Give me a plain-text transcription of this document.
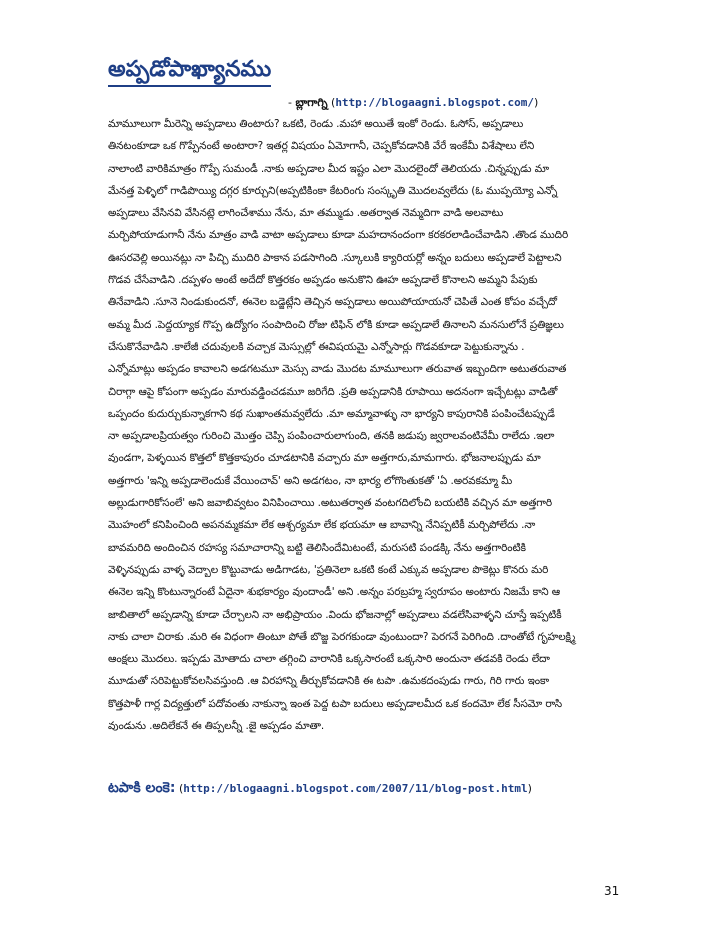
అప్పడోపాఖ్యానము
- బ్లాగాగ్ని (http://blogaagni.blogspot.com/)
మామూలుగా మీరెన్ని అప్పడాలు తింటారు? ఒకటి, రెండు .మహా అయితే ఇంకో రెండు. ఓసోస్, అప్పడాలు
తినటంకూడా ఒక గొప్పేనంటే అంటారా? ఇతర్ల విషయం ఏమోగానీ, చెప్పకోవడానికి వేరే ఇంకేమీ విశేషాలు లేని
నాలాంటి వారికిమాత్రం గొప్పే సుమండీ .నాకు అప్పడాల మీద ఇష్టం ఎలా మొదలైందో తెలియదు .చిన్నప్పుడు మా
మేనత్త పెళ్ళిలో గాడిపొయ్యి దగ్గర కూర్చుని(అప్పటికింకా కేటరింగు సంస్కృతి మొదలవ్వలేదు (ఓ ముప్పయ్యో ఎన్నో
అప్పడాలు వేసినవి వేసినట్లె లాగించేశాము నేను, మా తమ్ముడు .అతర్వాత నెమ్మదిగా వాడి అలవాటు
మర్చిపోయాడుగానీ నేను మాత్రం వాడి వాటా అప్పడాలు కూడా మహదానందంగా కరకరలాడించేవాడిని .తొండ ముదిరి
ఊసరవెల్లి అయినట్లు నా పిచ్చి ముదిరి పాకాన పడసాగింది .స్కూలుకి క్యారియర్లో అన్నం బదులు అప్పడాలే పెట్టాలని
గొడవ చేసేవాడిని .దప్పళం అంటే అదేదో కొత్తరకం అప్పడం అనుకొని ఊహ అప్పడాలే కొనాలని అమ్మని పేపుకు
తినేవాడిని .సూనె నిండుకుందనో, ఈనెల బడ్జెట్లేని తెచ్చిన అప్పడాలు అయిపోయాయనో చెపితే ఎంత కోపం వచ్చేదో
అమ్మ మీద .పెద్దయ్యాక గొప్ప ఉద్యోగం సంపాదించి రోజు టిఫిన్ లోకి కూడా అప్పడాలే తినాలని మనసులోనే ప్రతిజ్ఞలు
చేసుకొనేవాడిని .కాలేజీ చదువులకి వచ్చాక మెస్సుల్లో ఈవిషయమై ఎన్నోసార్లు గొడవకూడా పెట్టుకున్నాను .
ఎన్నోమాట్లు అప్పడం కావాలని అడగటమూ మెస్సు వాడు మొదట మామూలుగా తరువాత ఇబ్బందిగా అటుతరువాత
చిరాగ్గా ఆపై కోపంగా అప్పడం మారువడ్డించడమూ జరిగేది .ప్రతి అప్పడానికి రూపాయి అదనంగా ఇచ్చేటట్లు వాడితో
ఒప్పందం కుదుర్చుకున్నాకగాని కథ సుఖాంతమవ్వలేదు .మా అమ్మావాళ్ళు నా భార్యని కాపురానికి పంపించేటప్పుడే
నా అప్పడాలప్రియత్వం గురించి మొత్తం చెప్పి పంపించారులాగుంది, తనకి జడుపు జ్వరాలవంటివేమీ రాలేదు .ఇలా
వుండగా, పెళ్ళయిన కొత్తలో కొత్తకాపురం చూడటానికి వచ్చారు మా అత్తగారు,మామగారు. భోజనాలప్పుడు మా
అత్తగారు 'ఇన్ని అప్పడాలెందుకే వేయించావ్' అని అడగటం, నా భార్య లోగొంతుకతో 'ఏ .అరవకమ్మా మీ
అల్లుడుగారికోసంలే' అని జవాబివ్వటం వినిపించాయి .అటుతర్వాత వంటగదిలోంచి బయటికి వచ్చిన మా అత్తగారి
మొహంలో కనిపించింది అపనమ్మకమా లేక ఆశ్చర్యమా లేక భయమా ఆ బావాన్ని నేనిప్పటికీ మర్చిపోలేదు .నా
బావమరిది అందించిన రహస్య సమాచారాన్ని బట్టి తెలిసిందేమిటంటే, మరుసటి పండక్కి నేను అత్తగారింటికి
వెళ్ళినప్పుడు వాళ్ళ వెద్బాల కొట్టువాడు అడిగాడట, 'ప్రతినెలా ఒకటి కంటే ఎక్కువ అప్పడాల పొకెట్లు కొనరు మరి
ఈనెల ఇన్ని కొంటున్నారంటే ఏదైనా శుభకార్యం వుందాండీ' అని .అన్నం పరబ్రహ్మ స్వరూపం అంటారు నిజమే కాని ఆ
జాబితాలో అప్పడాన్ని కూడా చేర్చాలని నా అభిప్రాయం .విందు భోజనాల్లో అప్పడాలు వడలేసివాళ్ళని చూస్తే ఇప్పటికీ
నాకు చాలా చిరాకు .మరి ఈ విధంగా తింటూ పోతే బొజ్జ పెరగకుండా వుంటుందా? పెరగనే పెరిగింది .దాంతోటే గృహలక్ష్మి
ఆంక్షలు మొదలు. ఇప్పడు మోతాదు చాలా తగ్గించి వారానికి ఒక్కసారంటే ఒక్కసారి అందునా తడవకి రెండు లేదా
మూడుతో సరిపెట్టుకోవలసివస్తుంది .ఆ విరహాన్ని తీర్చుకోవడానికి ఈ టపా .ఉమకదంపుడు గారు, గిరి గారు ఇంకా
కొత్తపాళీ గార్ల విద్యత్తులో పదోవంతు నాకున్నా ఇంత పెద్ద టపా బదులు అప్పడాలమీద ఒక కందమో లేక సీసమో రాసి
వుండును .అదిలేకనే ఈ తిప్పలన్నీ .జై అప్పడం మాతా.
టపాకి లంకె: (http://blogaagni.blogspot.com/2007/11/blog-post.html)
31
